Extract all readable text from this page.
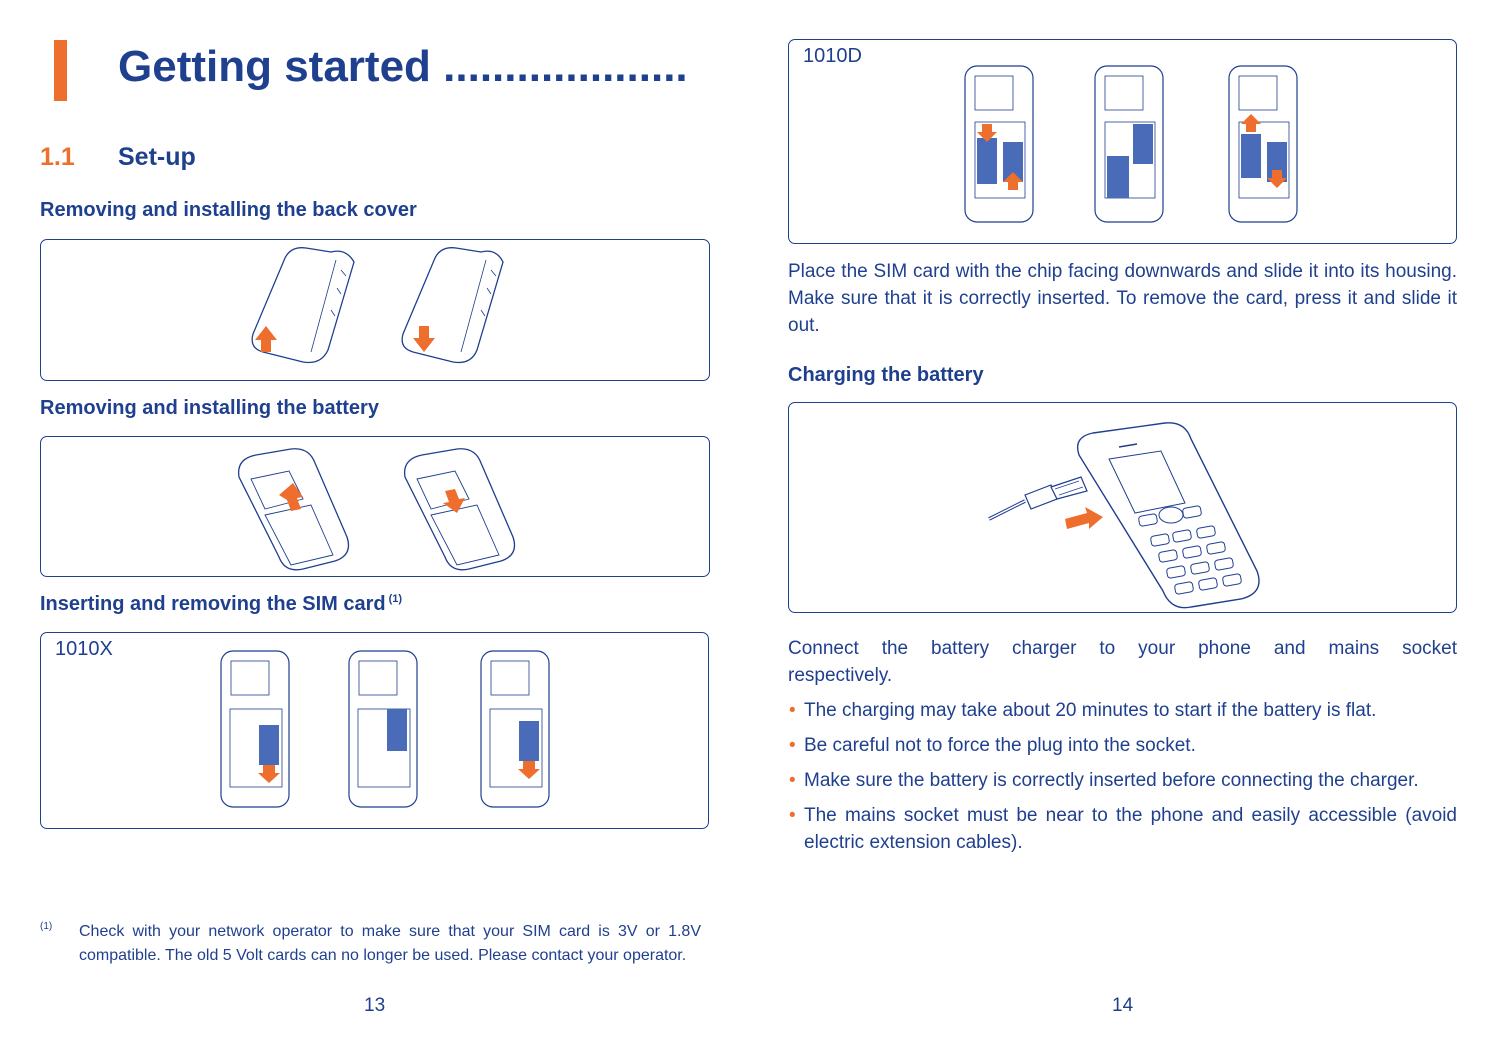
Getting started ....................
1.1 Set-up
Removing and installing the back cover
Removing and installing the battery
Inserting and removing the SIM card $^{(1)}$
1010X
(1) Check with your network operator to make sure that your SIM card is 3V or 1.8V compatible. The old 5 Volt cards can no longer be used. Please contact your operator.
13
1010D
Place the SIM card with the chip facing downwards and slide it into its housing. Make sure that it is correctly inserted. To remove the card, press it and slide it out.
Charging the battery
Connect the battery charger to your phone and mains socket
respectively.
• The charging may take about 20 minutes to start if the battery is flat.
• Be careful not to force the plug into the socket.
• Make sure the battery is correctly inserted before connecting the charger.
• The mains socket must be near to the phone and easily accessible (avoid electric extension cables).
14
